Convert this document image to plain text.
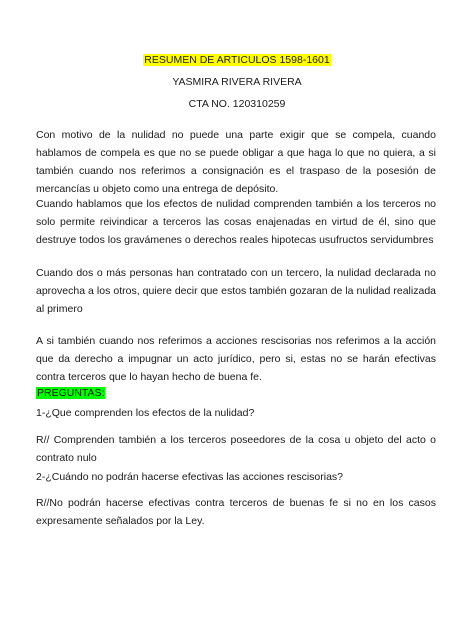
RESUMEN DE ARTICULOS 1598-1601
YASMIRA RIVERA RIVERA
CTA NO. 120310259

Con motivo de la nulidad no puede una parte exigir que se compela, cuando hablamos de compela es que no se puede obligar a que haga lo que no quiera, a si también cuando nos referimos a consignación es el traspaso de la posesión de mercancías u objeto como una entrega de depósito.

Cuando hablamos que los efectos de nulidad comprenden también a los terceros no solo permite reivindicar a terceros las cosas enajenadas en virtud de él, sino que destruye todos los gravámenes o derechos reales hipotecas usufructos servidumbres

Cuando dos o más personas han contratado con un tercero, la nulidad declarada no aprovecha a los otros, quiere decir que estos también gozaran de la nulidad realizada al primero

A si también cuando nos referimos a acciones rescisorias nos referimos a la acción que da derecho a impugnar un acto jurídico, pero si, estas no se harán efectivas contra terceros que lo hayan hecho de buena fe.

PREGUNTAS:

1-¿Que comprenden los efectos de la nulidad?

R// Comprenden también a los terceros poseedores de la cosa u objeto del acto o contrato nulo

2-¿Cuándo no podrán hacerse efectivas las acciones rescisorias?

R//No podrán hacerse efectivas contra terceros de buenas fe si no en los casos expresamente señalados por la Ley.
